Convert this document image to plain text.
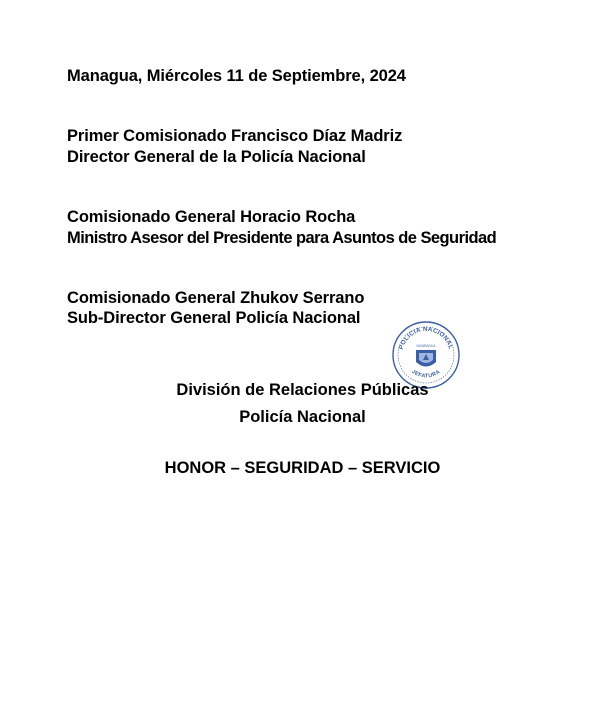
Managua, Miércoles 11 de Septiembre, 2024
Primer Comisionado Francisco Díaz Madriz
Director General de la Policía Nacional
Comisionado General Horacio Rocha
Ministro Asesor del Presidente para Asuntos de Seguridad
Comisionado General Zhukov Serrano
Sub-Director General Policía Nacional
POLICIA NACIONAL
NICARAGUA
JEFATURA
División de Relaciones Públicas
Policía Nacional
HONOR – SEGURIDAD – SERVICIO
